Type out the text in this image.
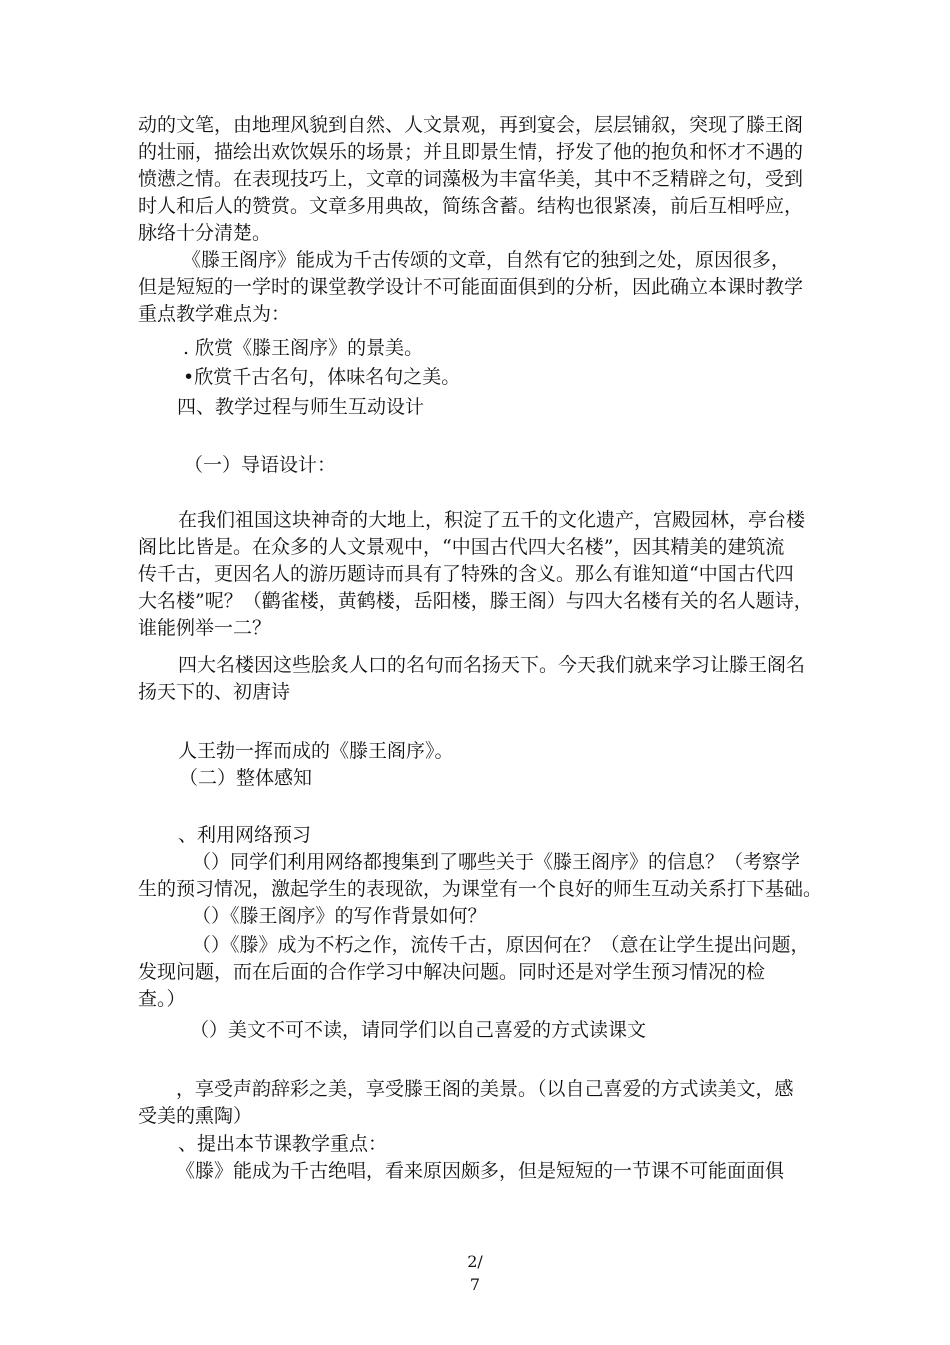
动的文笔，由地理风貌到自然、人文景观，再到宴会，层层铺叙，突现了滕王阁
的壮丽，描绘出欢饮娱乐的场景；并且即景生情，抒发了他的抱负和怀才不遇的
愤懑之情。在表现技巧上，文章的词藻极为丰富华美，其中不乏精辟之句，受到
时人和后人的赞赏。文章多用典故，简练含蓄。结构也很紧凑，前后互相呼应，
脉络十分清楚。
《滕王阁序》能成为千古传颂的文章，自然有它的独到之处，原因很多，
但是短短的一学时的课堂教学设计不可能面面俱到的分析，因此确立本课时教学
重点教学难点为：
. 欣赏《滕王阁序》的景美。
•欣赏千古名句，体味名句之美。
四、教学过程与师生互动设计
（一）导语设计：
在我们祖国这块神奇的大地上，积淀了五千的文化遗产，宫殿园林，亭台楼
阁比比皆是。在众多的人文景观中，“中国古代四大名楼”，因其精美的建筑流
传千古，更因名人的游历题诗而具有了特殊的含义。那么有谁知道“中国古代四
大名楼”呢？（鹳雀楼，黄鹤楼，岳阳楼，滕王阁）与四大名楼有关的名人题诗，
谁能例举一二？
四大名楼因这些脍炙人口的名句而名扬天下。今天我们就来学习让滕王阁名
扬天下的、初唐诗
人王勃一挥而成的《滕王阁序》。
（二）整体感知
、利用网络预习
（）同学们利用网络都搜集到了哪些关于《滕王阁序》的信息？（考察学
生的预习情况，激起学生的表现欲，为课堂有一个良好的师生互动关系打下基础。
（）《滕王阁序》的写作背景如何？
（）《滕》成为不朽之作，流传千古，原因何在？（意在让学生提出问题，
发现问题，而在后面的合作学习中解决问题。同时还是对学生预习情况的检
查。）
（）美文不可不读，请同学们以自己喜爱的方式读课文
，享受声韵辞彩之美，享受滕王阁的美景。（以自己喜爱的方式读美文，感
受美的熏陶）
、提出本节课教学重点：
《滕》能成为千古绝唱，看来原因颇多，但是短短的一节课不可能面面俱
2/
7
